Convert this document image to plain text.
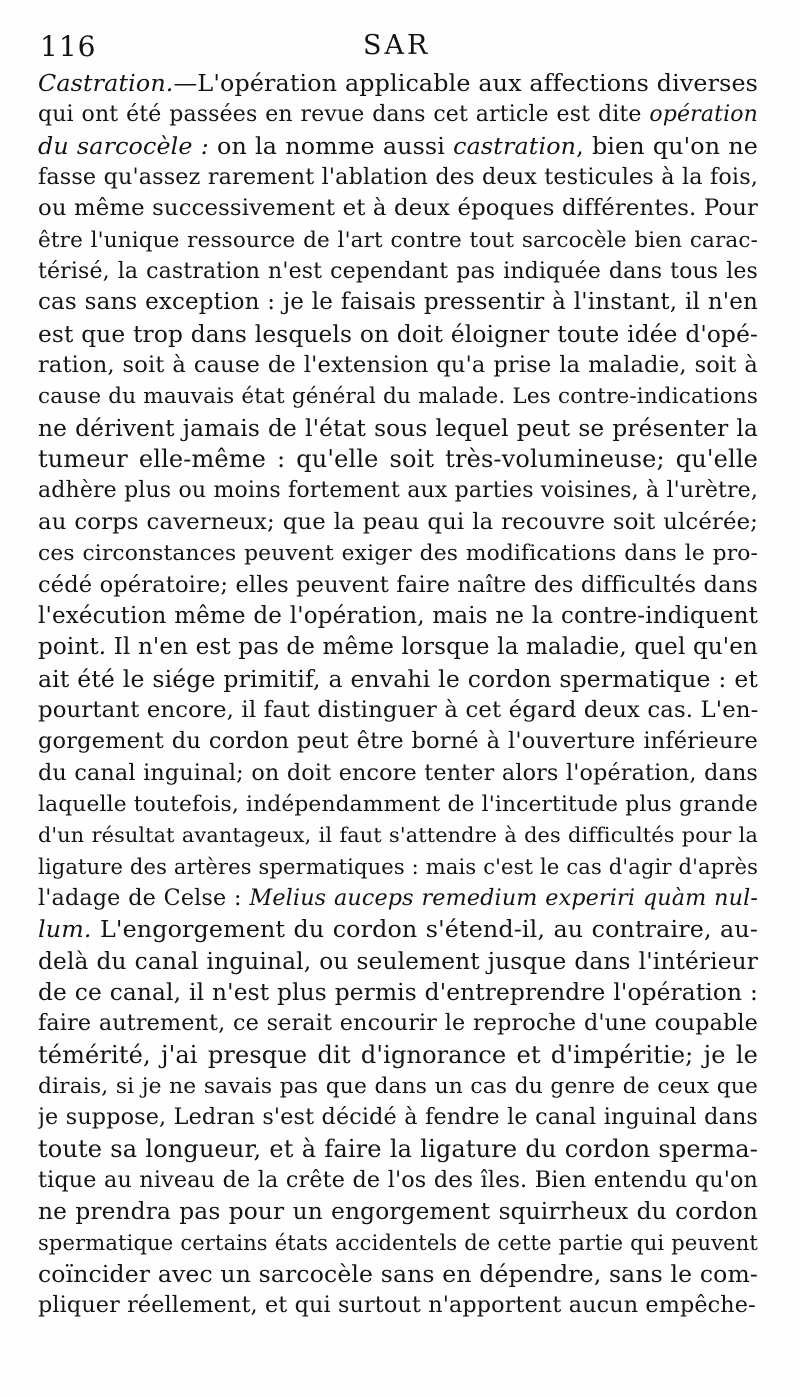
116	SAR
Castration.—L'opération applicable aux affections diverses
qui ont été passées en revue dans cet article est dite opération
du sarcocèle : on la nomme aussi castration, bien qu'on ne
fasse qu'assez rarement l'ablation des deux testicules à la fois,
ou même successivement et à deux époques différentes. Pour
être l'unique ressource de l'art contre tout sarcocèle bien carac-
térisé, la castration n'est cependant pas indiquée dans tous les
cas sans exception : je le faisais pressentir à l'instant, il n'en
est que trop dans lesquels on doit éloigner toute idée d'opé-
ration, soit à cause de l'extension qu'a prise la maladie, soit à
cause du mauvais état général du malade. Les contre-indications
ne dérivent jamais de l'état sous lequel peut se présenter la
tumeur elle-même : qu'elle soit très-volumineuse; qu'elle
adhère plus ou moins fortement aux parties voisines, à l'urètre,
au corps caverneux; que la peau qui la recouvre soit ulcérée;
ces circonstances peuvent exiger des modifications dans le pro-
cédé opératoire; elles peuvent faire naître des difficultés dans
l'exécution même de l'opération, mais ne la contre-indiquent
point. Il n'en est pas de même lorsque la maladie, quel qu'en
ait été le siége primitif, a envahi le cordon spermatique : et
pourtant encore, il faut distinguer à cet égard deux cas. L'en-
gorgement du cordon peut être borné à l'ouverture inférieure
du canal inguinal; on doit encore tenter alors l'opération, dans
laquelle toutefois, indépendamment de l'incertitude plus grande
d'un résultat avantageux, il faut s'attendre à des difficultés pour la
ligature des artères spermatiques : mais c'est le cas d'agir d'après
l'adage de Celse : Melius auceps remedium experiri quàm nul-
lum. L'engorgement du cordon s'étend-il, au contraire, au-
delà du canal inguinal, ou seulement jusque dans l'intérieur
de ce canal, il n'est plus permis d'entreprendre l'opération :
faire autrement, ce serait encourir le reproche d'une coupable
témérité, j'ai presque dit d'ignorance et d'impéritie; je le
dirais, si je ne savais pas que dans un cas du genre de ceux que
je suppose, Ledran s'est décidé à fendre le canal inguinal dans
toute sa longueur, et à faire la ligature du cordon sperma-
tique au niveau de la crête de l'os des îles. Bien entendu qu'on
ne prendra pas pour un engorgement squirrheux du cordon
spermatique certains états accidentels de cette partie qui peuvent
coïncider avec un sarcocèle sans en dépendre, sans le com-
pliquer réellement, et qui surtout n'apportent aucun empêche-
